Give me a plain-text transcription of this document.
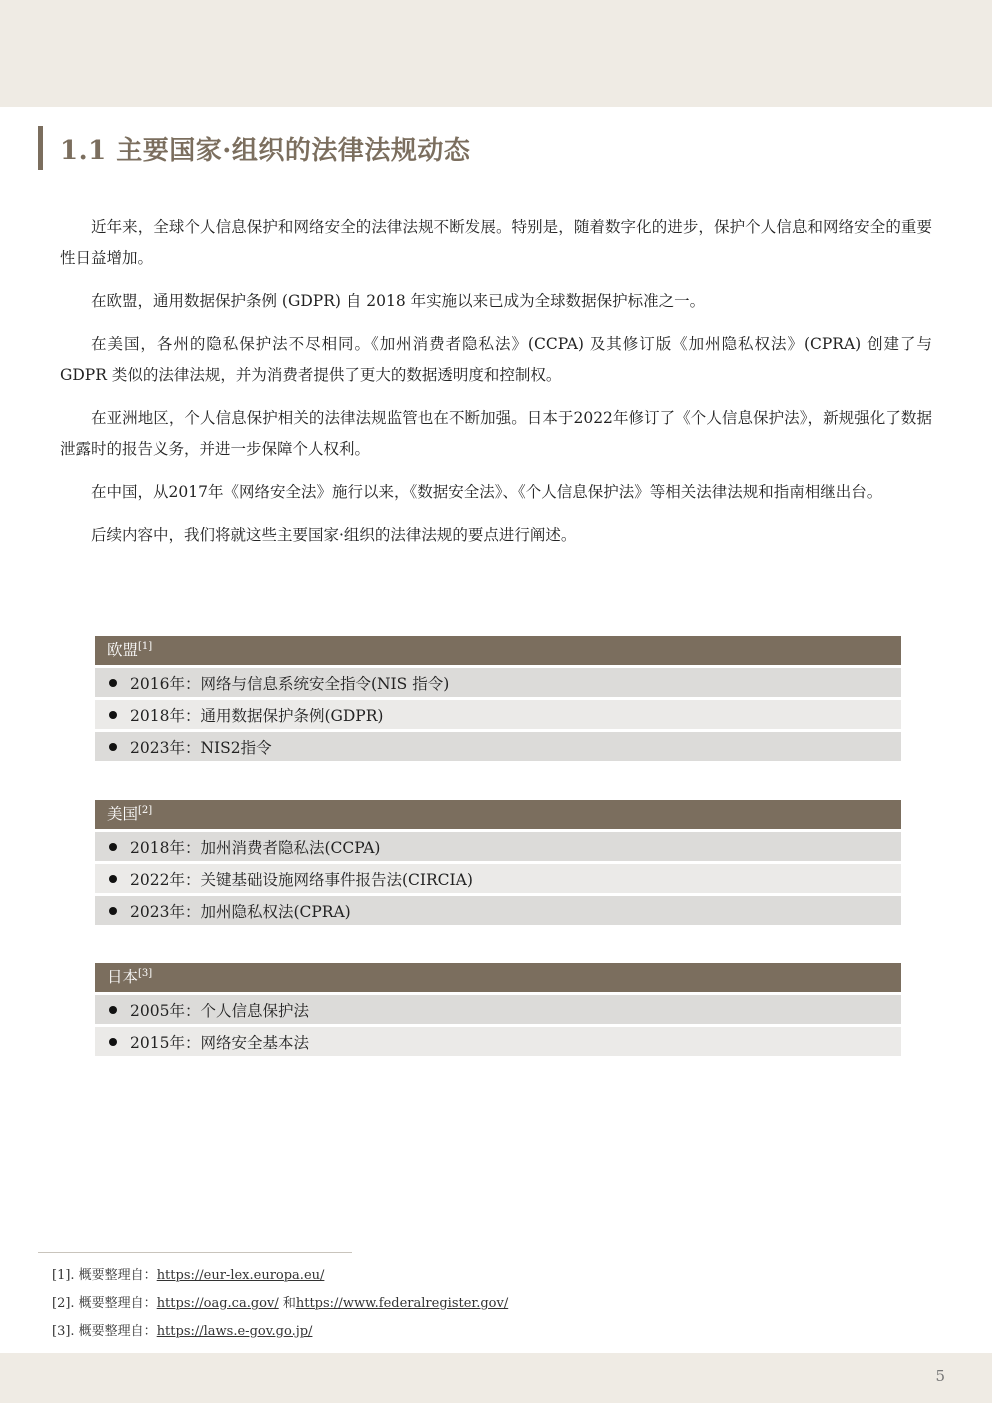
1.1 主要国家·组织的法律法规动态

近年来，全球个人信息保护和网络安全的法律法规不断发展。特别是，随着数字化的进步，保护个人信息和网络安全的重要性日益增加。

在欧盟，通用数据保护条例 (GDPR) 自 2018 年实施以来已成为全球数据保护标准之一。

在美国，各州的隐私保护法不尽相同。《加州消费者隐私法》(CCPA) 及其修订版《加州隐私权法》(CPRA) 创建了与 GDPR 类似的法律法规，并为消费者提供了更大的数据透明度和控制权。

在亚洲地区，个人信息保护相关的法律法规监管也在不断加强。日本于2022年修订了《个人信息保护法》，新规强化了数据泄露时的报告义务，并进一步保障个人权利。

在中国，从2017年《网络安全法》施行以来，《数据安全法》、《个人信息保护法》等相关法律法规和指南相继出台。

后续内容中，我们将就这些主要国家·组织的法律法规的要点进行阐述。

欧盟[1]
2016年：网络与信息系统安全指令(NIS 指令)
2018年：通用数据保护条例(GDPR)
2023年：NIS2指令
美国[2]
2018年：加州消费者隐私法(CCPA)
2022年：关键基础设施网络事件报告法(CIRCIA)
2023年：加州隐私权法(CPRA)
日本[3]
2005年：个人信息保护法
2015年：网络安全基本法
[1]. 概要整理自：https://eur-lex.europa.eu/
[2]. 概要整理自：https://oag.ca.gov/ 和https://www.federalregister.gov/
[3]. 概要整理自：https://laws.e-gov.go.jp/
5
